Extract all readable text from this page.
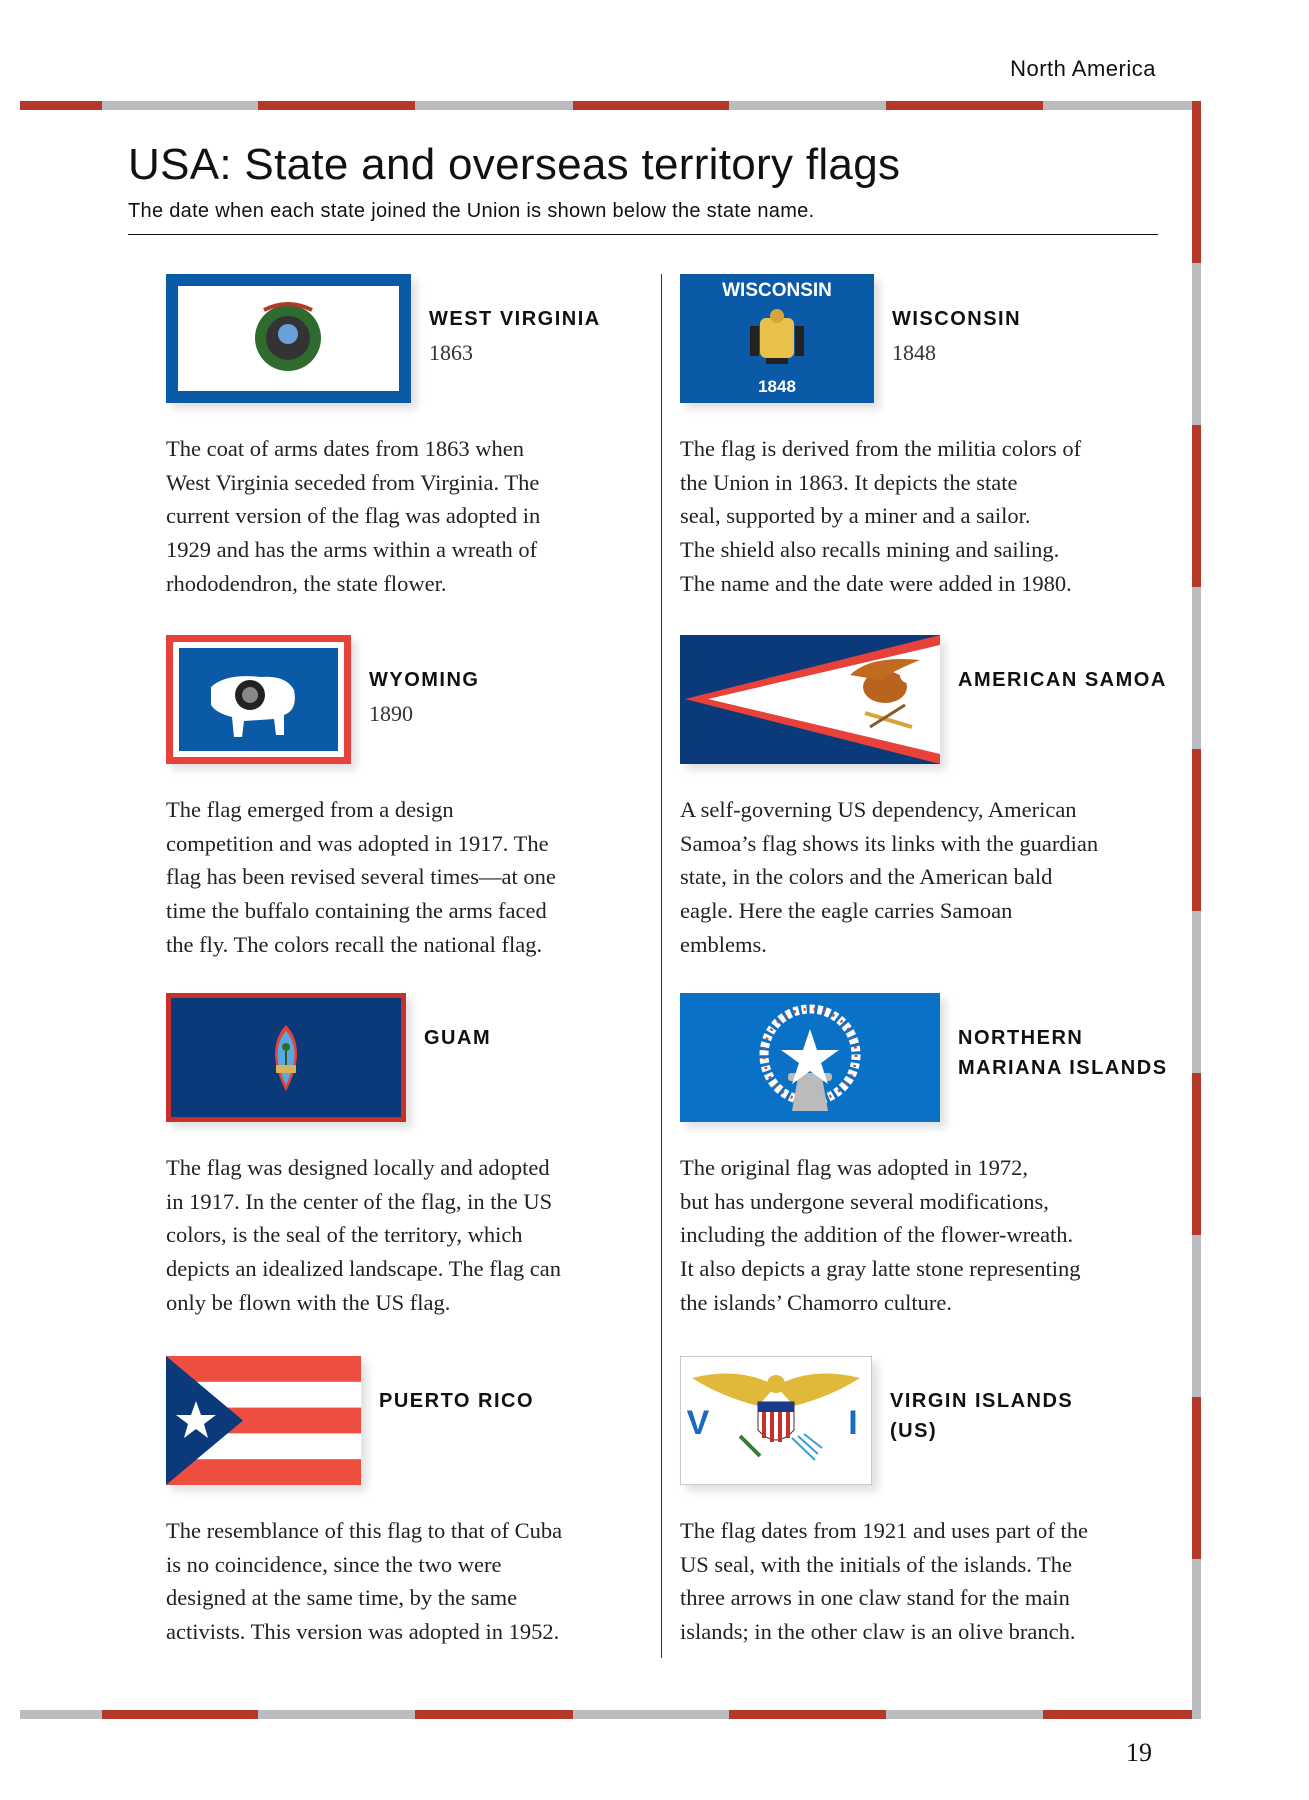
North America
USA: State and overseas territory flags
The date when each state joined the Union is shown below the state name.
WEST VIRGINIA
1863
The coat of arms dates from 1863 when
West Virginia seceded from Virginia. The
current version of the flag was adopted in
1929 and has the arms within a wreath of
rhododendron, the state flower.
WISCONSIN
1848
WISCONSIN
1848
The flag is derived from the militia colors of
the Union in 1863. It depicts the state
seal, supported by a miner and a sailor.
The shield also recalls mining and sailing.
The name and the date were added in 1980.
WYOMING
1890
The flag emerged from a design
competition and was adopted in 1917. The
flag has been revised several times—at one
time the buffalo containing the arms faced
the fly. The colors recall the national flag.
AMERICAN SAMOA
A self-governing US dependency, American
Samoa’s flag shows its links with the guardian
state, in the colors and the American bald
eagle. Here the eagle carries Samoan
emblems.
GUAM
The flag was designed locally and adopted
in 1917. In the center of the flag, in the US
colors, is the seal of the territory, which
depicts an idealized landscape. The flag can
only be flown with the US flag.
NORTHERN
MARIANA ISLANDS
The original flag was adopted in 1972,
but has undergone several modifications,
including the addition of the flower-wreath.
It also depicts a gray latte stone representing
the islands’ Chamorro culture.
PUERTO RICO
The resemblance of this flag to that of Cuba
is no coincidence, since the two were
designed at the same time, by the same
activists. This version was adopted in 1952.
V	I
VIRGIN ISLANDS
(US)
The flag dates from 1921 and uses part of the
US seal, with the initials of the islands. The
three arrows in one claw stand for the main
islands; in the other claw is an olive branch.
19
